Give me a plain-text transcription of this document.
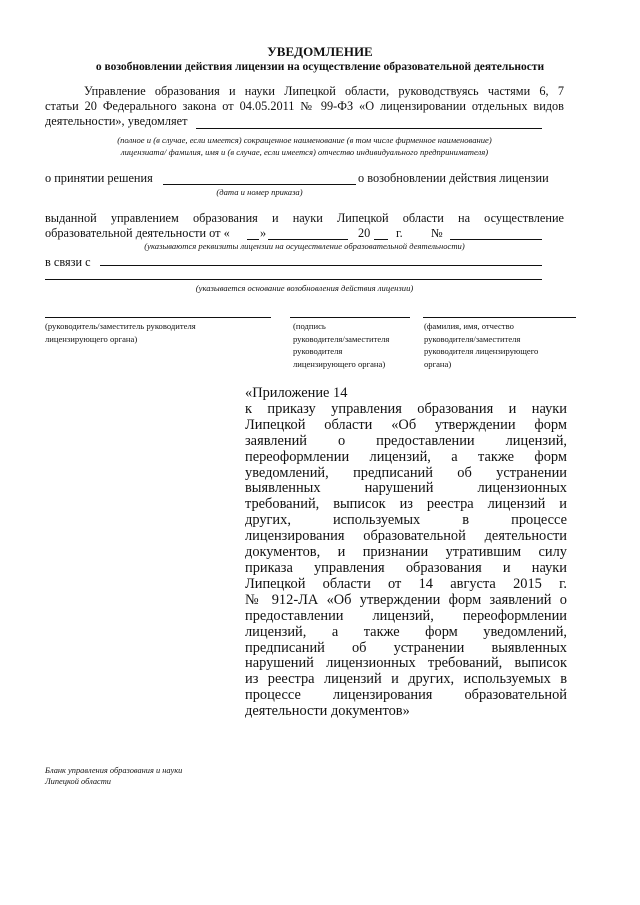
УВЕДОМЛЕНИЕ
о возобновлении действия лицензии на осуществление образовательной деятельности
Управление образования и науки Липецкой области, руководствуясь частями 6, 7
статьи 20 Федерального закона от 04.05.2011 № 99-ФЗ «О лицензировании отдельных видов
деятельности», уведомляет
(полное и (в случае, если имеется) сокращенное наименование (в том числе фирменное наименование)
лицензиата/ фамилия, имя и (в случае, если имеется) отчество индивидуального предпринимателя)
о принятии решения	о возобновлении действия лицензии
(дата и номер приказа)
выданной управлением образования и науки Липецкой области на осуществление
образовательной деятельности от « »	20 г. №
(указываются реквизиты лицензии на осуществление образовательной деятельности)
в связи с
(указывается основание возобновления действия лицензии)
(руководитель/заместитель руководителя
лицензирующего органа)
(подпись
руководителя/заместителя
руководителя
лицензирующего органа)
(фамилия, имя, отчество
руководителя/заместителя
руководителя лицензирующего
органа)
«Приложение 14
к приказу управления образования и науки
Липецкой области «Об утверждении форм
заявлений о предоставлении лицензий,
переоформлении лицензий, а также форм
уведомлений, предписаний об устранении
выявленных нарушений лицензионных
требований, выписок из реестра лицензий и
других, используемых в процессе
лицензирования образовательной деятельности
документов, и признании утратившим силу
приказа управления образования и науки
Липецкой области от 14 августа 2015 г.
№ 912-ЛА «Об утверждении форм заявлений о
предоставлении лицензий, переоформлении
лицензий, а также форм уведомлений,
предписаний об устранении выявленных
нарушений лицензионных требований, выписок
из реестра лицензий и других, используемых в
процессе лицензирования образовательной
деятельности документов»
Бланк управления образования и науки
Липецкой области
